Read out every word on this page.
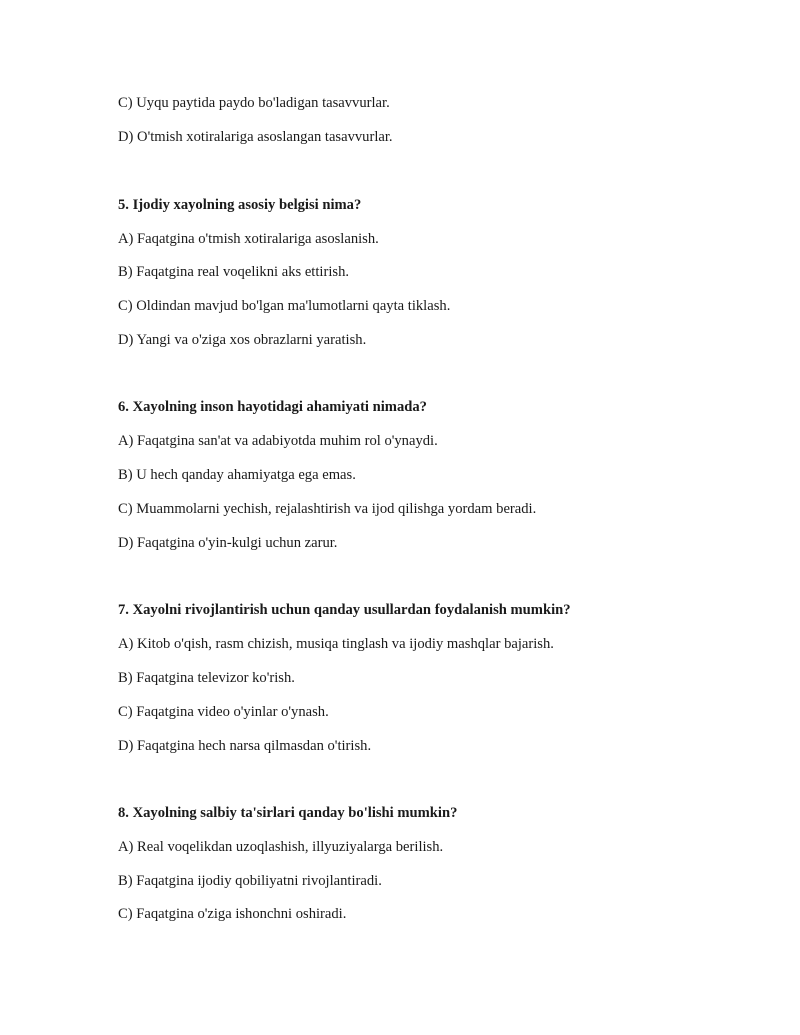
C) Uyqu paytida paydo bo'ladigan tasavvurlar.
D) O'tmish xotiralariga asoslangan tasavvurlar.
5. Ijodiy xayolning asosiy belgisi nima?
A) Faqatgina o'tmish xotiralariga asoslanish.
B) Faqatgina real voqelikni aks ettirish.
C) Oldindan mavjud bo'lgan ma'lumotlarni qayta tiklash.
D) Yangi va o'ziga xos obrazlarni yaratish.
6. Xayolning inson hayotidagi ahamiyati nimada?
A) Faqatgina san'at va adabiyotda muhim rol o'ynaydi.
B) U hech qanday ahamiyatga ega emas.
C) Muammolarni yechish, rejalashtirish va ijod qilishga yordam beradi.
D) Faqatgina o'yin-kulgi uchun zarur.
7. Xayolni rivojlantirish uchun qanday usullardan foydalanish mumkin?
A) Kitob o'qish, rasm chizish, musiqa tinglash va ijodiy mashqlar bajarish.
B) Faqatgina televizor ko'rish.
C) Faqatgina video o'yinlar o'ynash.
D) Faqatgina hech narsa qilmasdan o'tirish.
8. Xayolning salbiy ta'sirlari qanday bo'lishi mumkin?
A) Real voqelikdan uzoqlashish, illyuziyalarga berilish.
B) Faqatgina ijodiy qobiliyatni rivojlantiradi.
C) Faqatgina o'ziga ishonchni oshiradi.
